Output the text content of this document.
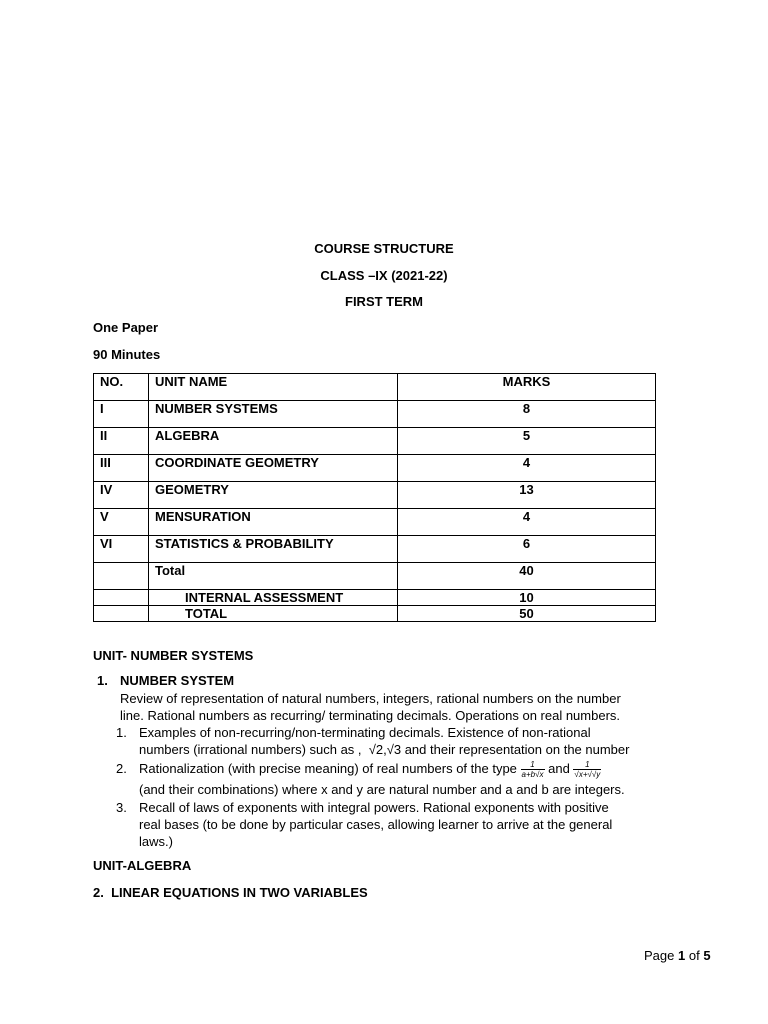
COURSE STRUCTURE
CLASS –IX (2021-22)
FIRST TERM
One Paper
90 Minutes
NO.	UNIT NAME	MARKS
I	NUMBER SYSTEMS	8
II	ALGEBRA	5
III	COORDINATE GEOMETRY	4
IV	GEOMETRY	13
V	MENSURATION	4
VI	STATISTICS & PROBABILITY	6
	Total	40
	INTERNAL ASSESSMENT	10
	TOTAL	50
UNIT- NUMBER SYSTEMS
1. NUMBER SYSTEM
Review of representation of natural numbers, integers, rational numbers on the number
line. Rational numbers as recurring/ terminating decimals. Operations on real numbers.
1. Examples of non-recurring/non-terminating decimals. Existence of non-rational
numbers (irrational numbers) such as ,  √2,√3 and their representation on the number
2. Rationalization (with precise meaning) of real numbers of the type $\frac{1}{a+b√x}$ and $\frac{1}{√x+√√y}$
(and their combinations) where x and y are natural number and a and b are integers.
3. Recall of laws of exponents with integral powers. Rational exponents with positive
real bases (to be done by particular cases, allowing learner to arrive at the general
laws.)
UNIT-ALGEBRA
2.  LINEAR EQUATIONS IN TWO VARIABLES
Page 1 of 5
